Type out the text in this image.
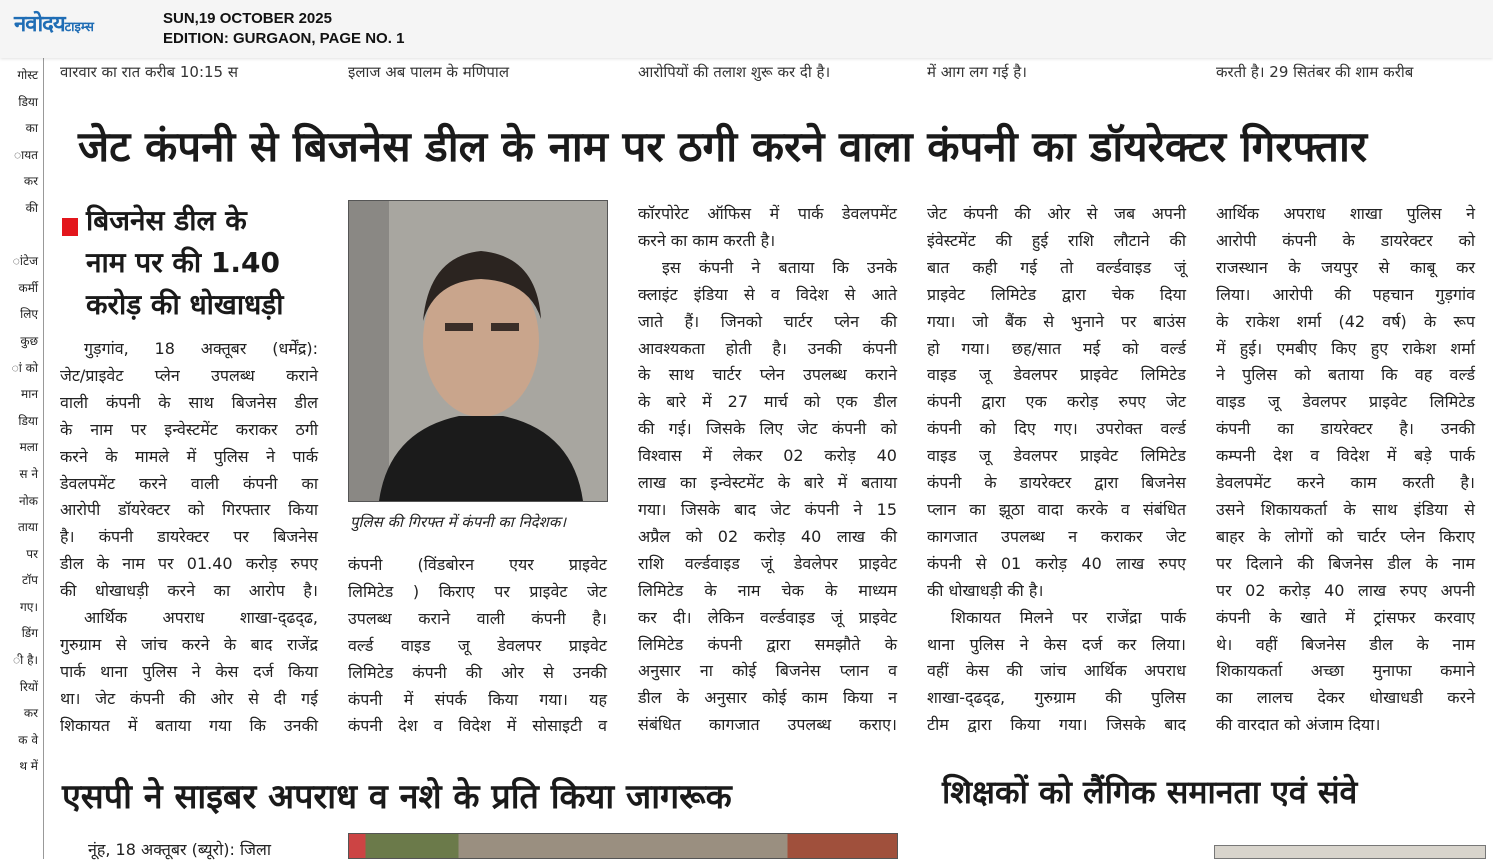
नवोदयटाइम्स
SUN,19 OCTOBER 2025
EDITION: GURGAON, PAGE NO. 1
वारवार का रात करीब 10:15 स	इलाज अब पालम के मणिपाल	आरोपियों की तलाश शुरू कर दी है।	में आग लग गई है।	करती है। 29 सितंबर की शाम करीब
गोस्ट
डिया
का
ायत
कर
की
ांटेज
कर्मी
लिए
कुछ
ां को
मान
डिया
मला
स ने
नोक
ताया
पर
टॉप
गए।
डिंग
ी है।
रियों
कर
क वे
थ में
जेट कंपनी से बिजनेस डील के नाम पर ठगी करने वाला कंपनी का डॉयरेक्टर गिरफ्तार
बिजनेस डील के
नाम पर की 1.40
करोड़ की धोखाधड़ी
पुलिस की गिरफ्त में कंपनी का निदेशक।
गुड़गांव, 18 अक्तूबर (धर्मेंद्र):
जेट/प्राइवेट प्लेन उपलब्ध कराने
वाली कंपनी के साथ बिजनेस डील
के नाम पर इन्वेस्टमेंट कराकर ठगी
करने के मामले में पुलिस ने पार्क
डेवलपमेंट करने वाली कंपनी का
आरोपी डॉयरेक्टर को गिरफ्तार किया
है। कंपनी डायरेक्टर पर बिजनेस
डील के नाम पर 01.40 करोड़ रुपए
की धोखाधड़ी करने का आरोप है।
आर्थिक अपराध शाखा-द्ढद्ढ,
गुरुग्राम से जांच करने के बाद राजेंद्र
पार्क थाना पुलिस ने केस दर्ज किया
था। जेट कंपनी की ओर से दी गई
शिकायत में बताया गया कि उनकी
कंपनी (विंडबोरन एयर प्राइवेट
लिमिटेड ) किराए पर प्राइवेट जेट
उपलब्ध कराने वाली कंपनी है।
वर्ल्ड वाइड जू डेवलपर प्राइवेट
लिमिटेड कंपनी की ओर से उनकी
कंपनी में संपर्क किया गया। यह
कंपनी देश व विदेश में सोसाइटी व
कॉरपोरेट ऑफिस में पार्क डेवलपमेंट
करने का काम करती है।
इस कंपनी ने बताया कि उनके
क्लाइंट इंडिया से व विदेश से आते
जाते हैं। जिनको चार्टर प्लेन की
आवश्यकता होती है। उनकी कंपनी
के साथ चार्टर प्लेन उपलब्ध कराने
के बारे में 27 मार्च को एक डील
की गई। जिसके लिए जेट कंपनी को
विश्वास में लेकर 02 करोड़ 40
लाख का इन्वेस्टमेंट के बारे में बताया
गया। जिसके बाद जेट कंपनी ने 15
अप्रैल को 02 करोड़ 40 लाख की
राशि वर्ल्डवाइड जूं डेवलेपर प्राइवेट
लिमिटेड के नाम चेक के माध्यम
कर दी। लेकिन वर्ल्डवाइड जूं प्राइवेट
लिमिटेड कंपनी द्वारा समझौते के
अनुसार ना कोई बिजनेस प्लान व
डील के अनुसार कोई काम किया न
संबंधित कागजात उपलब्ध कराए।
जेट कंपनी की ओर से जब अपनी
इंवेस्टमेंट की हुई राशि लौटाने की
बात कही गई तो वर्ल्डवाइड जूं
प्राइवेट लिमिटेड द्वारा चेक दिया
गया। जो बैंक से भुनाने पर बाउंस
हो गया। छह/सात मई को वर्ल्ड
वाइड जू डेवलपर प्राइवेट लिमिटेड
कंपनी द्वारा एक करोड़ रुपए जेट
कंपनी को दिए गए। उपरोक्त वर्ल्ड
वाइड जू डेवलपर प्राइवेट लिमिटेड
कंपनी के डायरेक्टर द्वारा बिजनेस
प्लान का झूठा वादा करके व संबंधित
कागजात उपलब्ध न कराकर जेट
कंपनी से 01 करोड़ 40 लाख रुपए
की धोखाधड़ी की है।
शिकायत मिलने पर राजेंद्रा पार्क
थाना पुलिस ने केस दर्ज कर लिया।
वहीं केस की जांच आर्थिक अपराध
शाखा-द्ढद्ढ, गुरुग्राम की पुलिस
टीम द्वारा किया गया। जिसके बाद
आर्थिक अपराध शाखा पुलिस ने
आरोपी कंपनी के डायरेक्टर को
राजस्थान के जयपुर से काबू कर
लिया। आरोपी की पहचान गुड़गांव
के राकेश शर्मा (42 वर्ष) के रूप
में हुई। एमबीए किए हुए राकेश शर्मा
ने पुलिस को बताया कि वह वर्ल्ड
वाइड जू डेवलपर प्राइवेट लिमिटेड
कंपनी का डायरेक्टर है। उनकी
कम्पनी देश व विदेश में बड़े पार्क
डेवलपमेंट करने काम करती है।
उसने शिकायकर्ता के साथ इंडिया से
बाहर के लोगों को चार्टर प्लेन किराए
पर दिलाने की बिजनेस डील के नाम
पर 02 करोड़ 40 लाख रुपए अपनी
कंपनी के खाते में ट्रांसफर करवाए
थे। वहीं बिजनेस डील के नाम
शिकायकर्ता अच्छा मुनाफा कमाने
का लालच देकर धोखाधडी करने
की वारदात को अंजाम दिया।
एसपी ने साइबर अपराध व नशे के प्रति किया जागरूक
नूंह, 18 अक्तूबर (ब्यूरो): जिला
शिक्षकों को लैंगिक समानता एवं संवे
